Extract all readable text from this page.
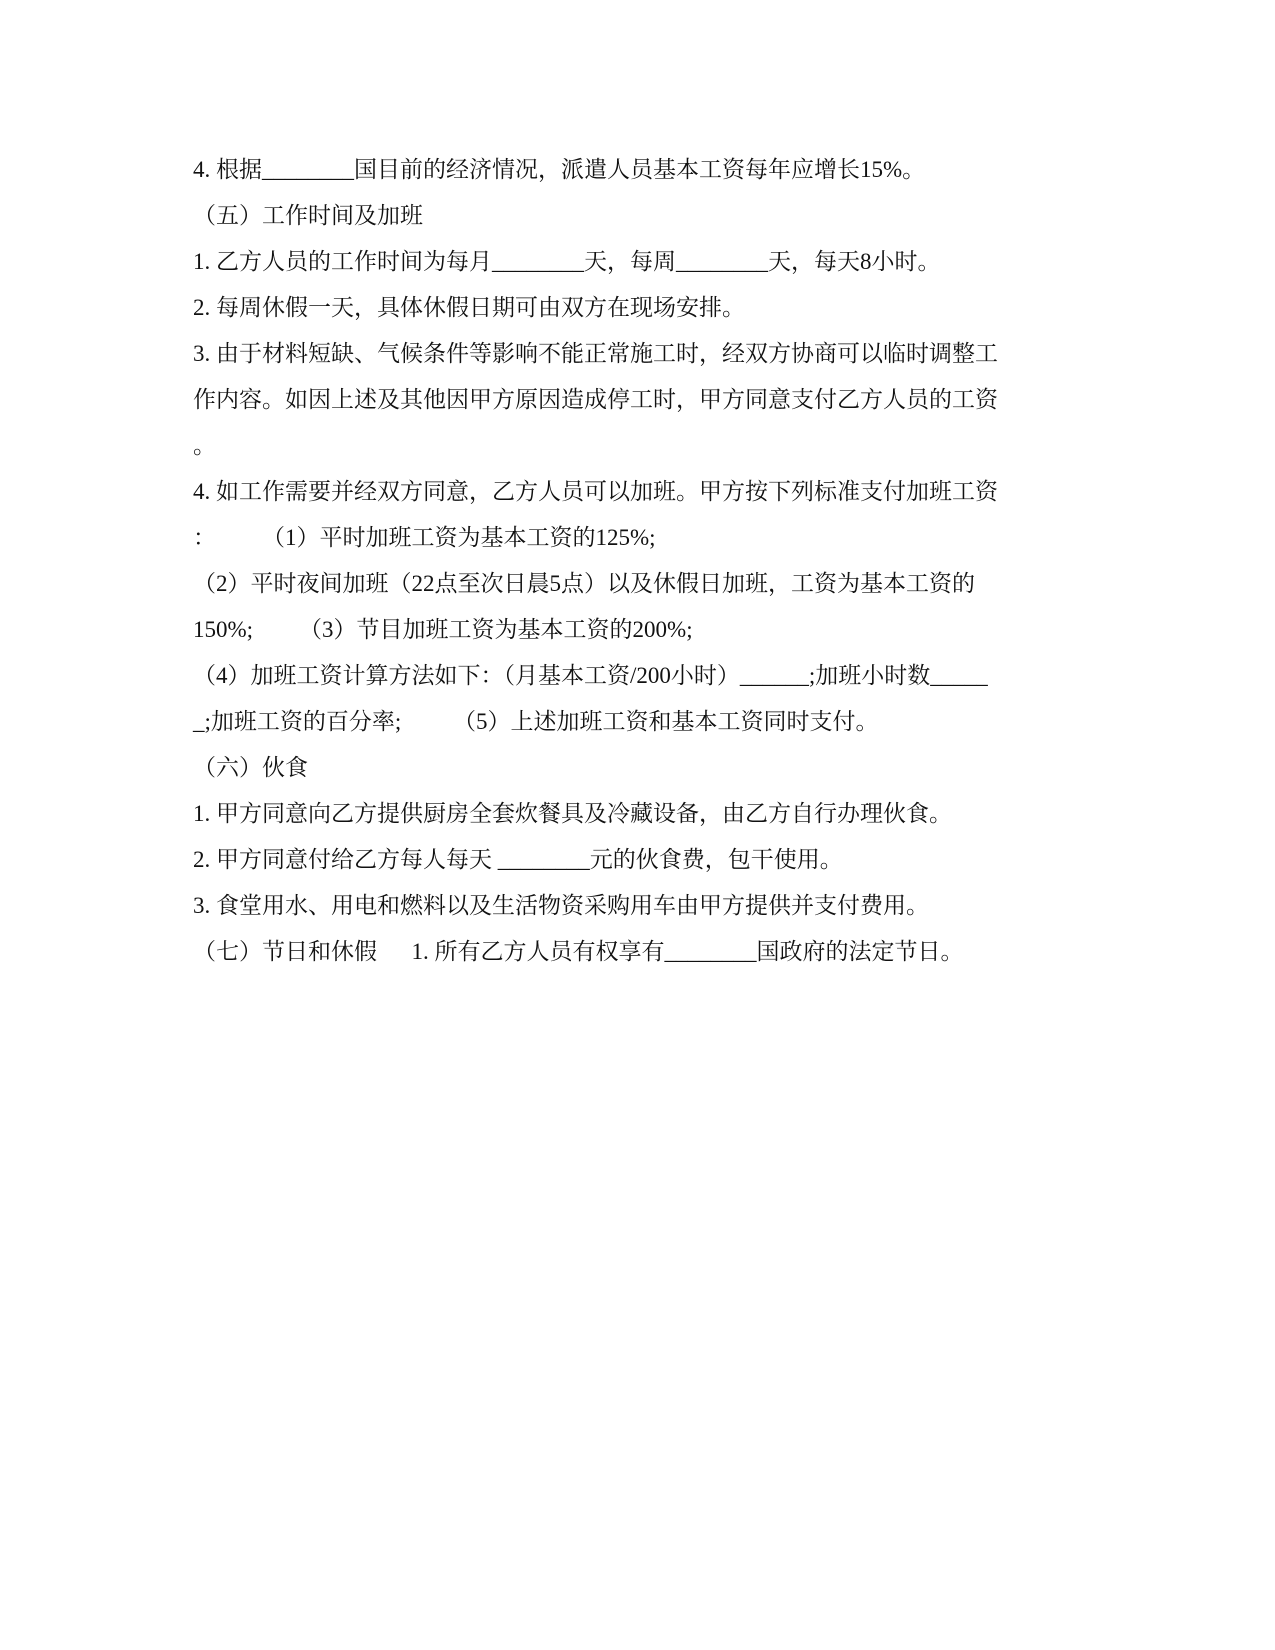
4. 根据________国目前的经济情况，派遣人员基本工资每年应增长15%。
（五）工作时间及加班
1. 乙方人员的工作时间为每月________天，每周________天，每天8小时。
2. 每周休假一天，具体休假日期可由双方在现场安排。
3. 由于材料短缺、气候条件等影响不能正常施工时，经双方协商可以临时调整工
作内容。如因上述及其他因甲方原因造成停工时，甲方同意支付乙方人员的工资
。
4. 如工作需要并经双方同意，乙方人员可以加班。甲方按下列标准支付加班工资
：        （1）平时加班工资为基本工资的125%;
（2）平时夜间加班（22点至次日晨5点）以及休假日加班，工资为基本工资的
150%;        （3）节目加班工资为基本工资的200%;
（4）加班工资计算方法如下：（月基本工资/200小时）______;加班小时数_____
_;加班工资的百分率;         （5）上述加班工资和基本工资同时支付。
（六）伙食
1. 甲方同意向乙方提供厨房全套炊餐具及冷藏设备，由乙方自行办理伙食。
2. 甲方同意付给乙方每人每天 ________元的伙食费，包干使用。
3. 食堂用水、用电和燃料以及生活物资采购用车由甲方提供并支付费用。
（七）节日和休假      1. 所有乙方人员有权享有________国政府的法定节日。
